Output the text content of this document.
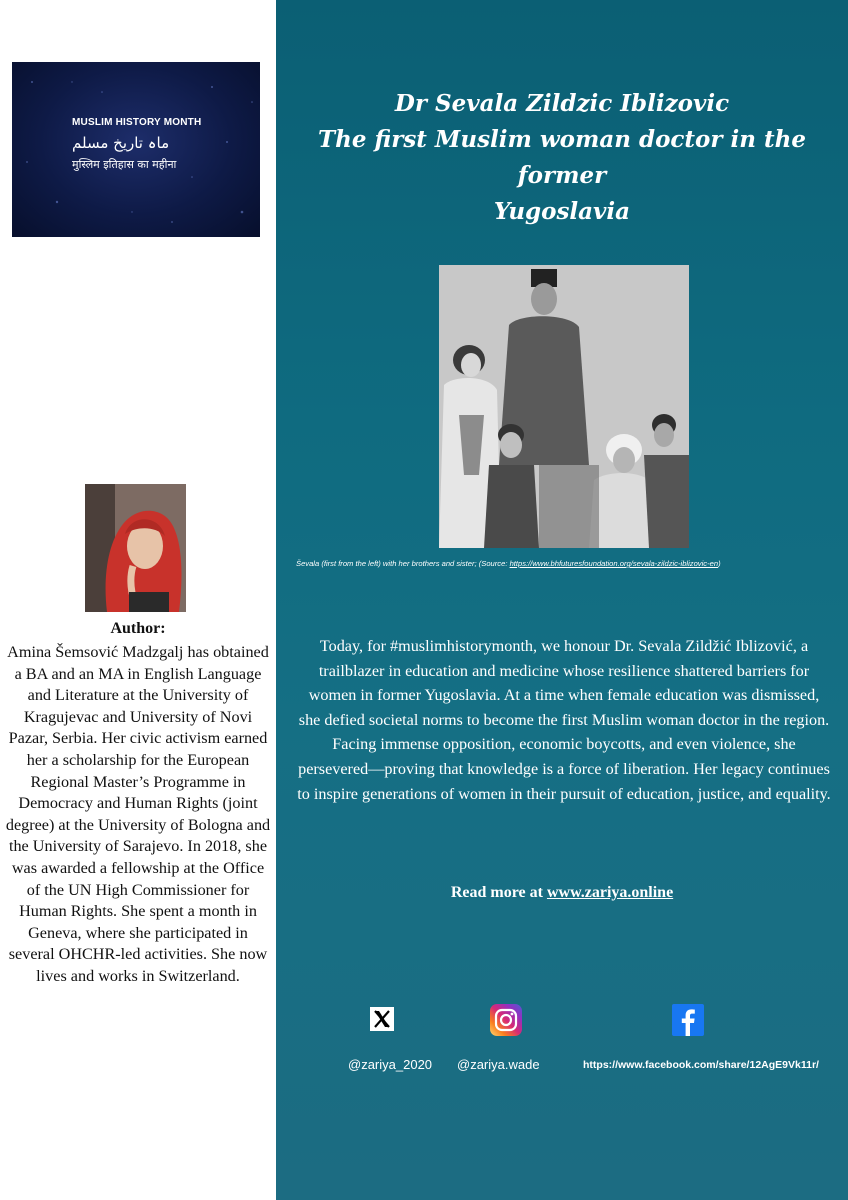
MUSLIM HISTORY MONTH
ماہ تاریخ مسلم
मुस्लिम इतिहास का महीना
Author:
Amina Šemsović Madzgalj has obtained a BA and an MA in English Language and Literature at the University of Kragujevac and University of Novi Pazar, Serbia. Her civic activism earned her a scholarship for the European Regional Master’s Programme in Democracy and Human Rights (joint degree) at the University of Bologna and the University of Sarajevo. In 2018, she was awarded a fellowship at the Office of the UN High Commissioner for Human Rights. She spent a month in Geneva, where she participated in several OHCHR-led activities. She now lives and works in Switzerland.
Dr Sevala Zildzic Iblizovic
The first Muslim woman doctor in the former
Yugoslavia
Ševala (first from the left) with her brothers and sister; (Source: https://www.bhfuturesfoundation.org/sevala-zildzic-iblizovic-en)
Today, for #muslimhistorymonth, we honour Dr. Sevala Zildžić Iblizović, a trailblazer in education and medicine whose resilience shattered barriers for women in former Yugoslavia. At a time when female education was dismissed, she defied societal norms to become the first Muslim woman doctor in the region. Facing immense opposition, economic boycotts, and even violence, she persevered—proving that knowledge is a force of liberation. Her legacy continues to inspire generations of women in their pursuit of education, justice, and equality.
Read more at www.zariya.online
@zariya_2020 @zariya.wade	https://www.facebook.com/share/12AgE9Vk11r/
